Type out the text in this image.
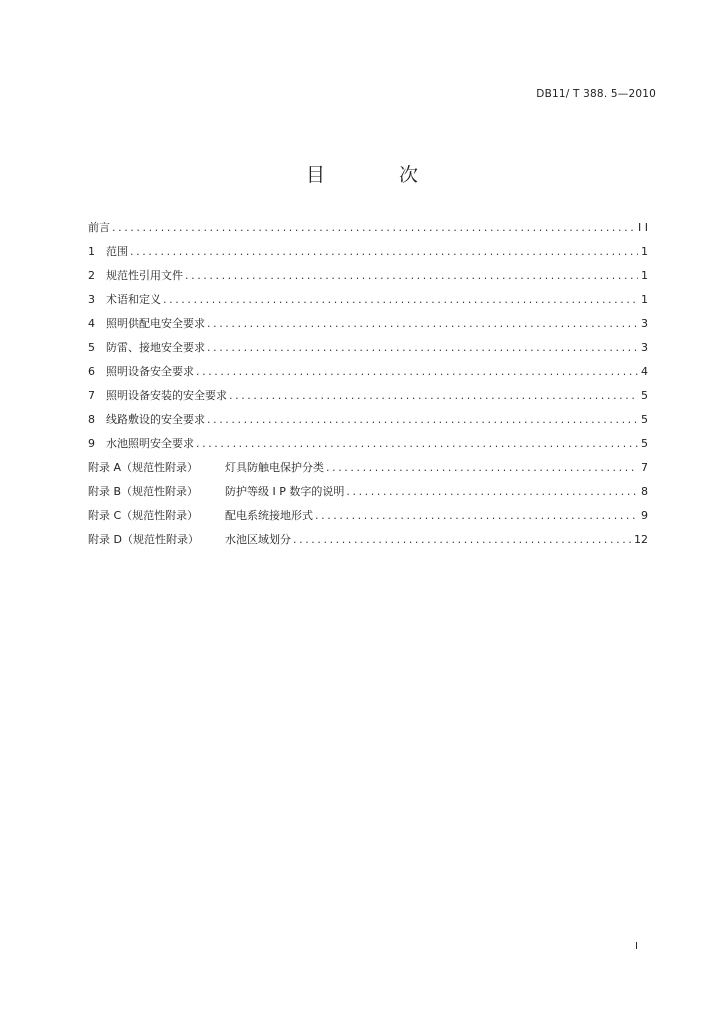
DB11/ T 388. 5—2010
目 次
前言 .....	I I
1	范围 .....	1
2	规范性引用文件 .....	1
3	术语和定义 .....	1
4	照明供配电安全要求 .....	3
5	防雷、接地安全要求 .....	3
6	照明设备安全要求 .....	4
7	照明设备安装的安全要求 .....	5
8	线路敷设的安全要求 .....	5
9	水池照明安全要求 .....	5
附录 A（规范性附录）	灯具防触电保护分类 .....	7
附录 B（规范性附录）	防护等级 I P 数字的说明 .....	8
附录 C（规范性附录）	配电系统接地形式 .....	9
附录 D（规范性附录）	水池区域划分 .....	12
I
